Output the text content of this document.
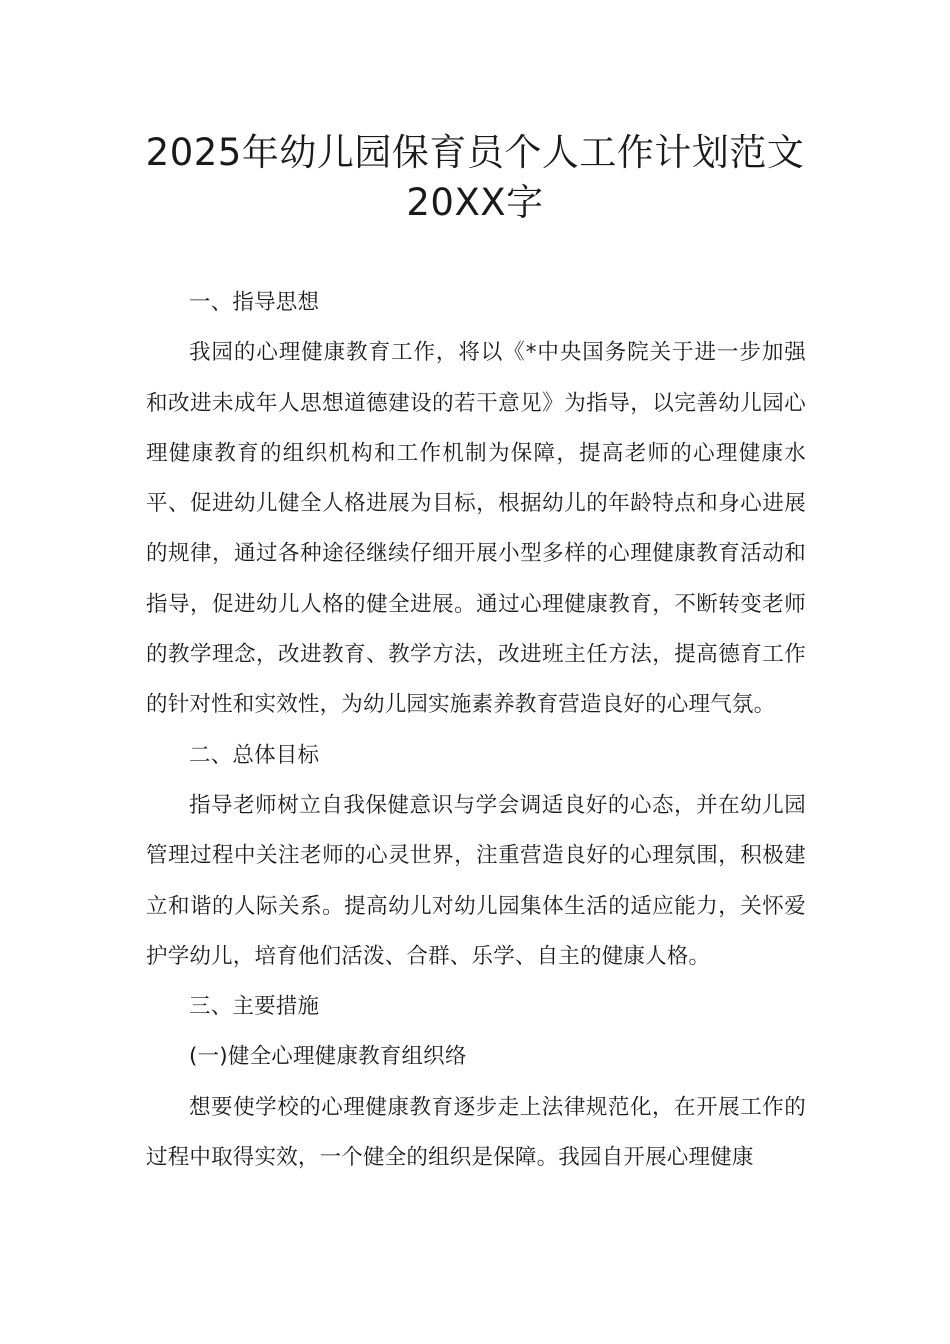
2025年幼儿园保育员个人工作计划范文
20XX字

一、指导思想

我园的心理健康教育工作，将以《*中央国务院关于进一步加强和改进未成年人思想道德建设的若干意见》为指导，以完善幼儿园心理健康教育的组织机构和工作机制为保障，提高老师的心理健康水平、促进幼儿健全人格进展为目标，根据幼儿的年龄特点和身心进展的规律，通过各种途径继续仔细开展小型多样的心理健康教育活动和指导，促进幼儿人格的健全进展。通过心理健康教育，不断转变老师的教学理念，改进教育、教学方法，改进班主任方法，提高德育工作的针对性和实效性，为幼儿园实施素养教育营造良好的心理气氛。

二、总体目标

指导老师树立自我保健意识与学会调适良好的心态，并在幼儿园管理过程中关注老师的心灵世界，注重营造良好的心理氛围，积极建立和谐的人际关系。提高幼儿对幼儿园集体生活的适应能力，关怀爱护学幼儿，培育他们活泼、合群、乐学、自主的健康人格。

三、主要措施

(一)健全心理健康教育组织络

想要使学校的心理健康教育逐步走上法律规范化，在开展工作的过程中取得实效，一个健全的组织是保障。我园自开展心理健康
